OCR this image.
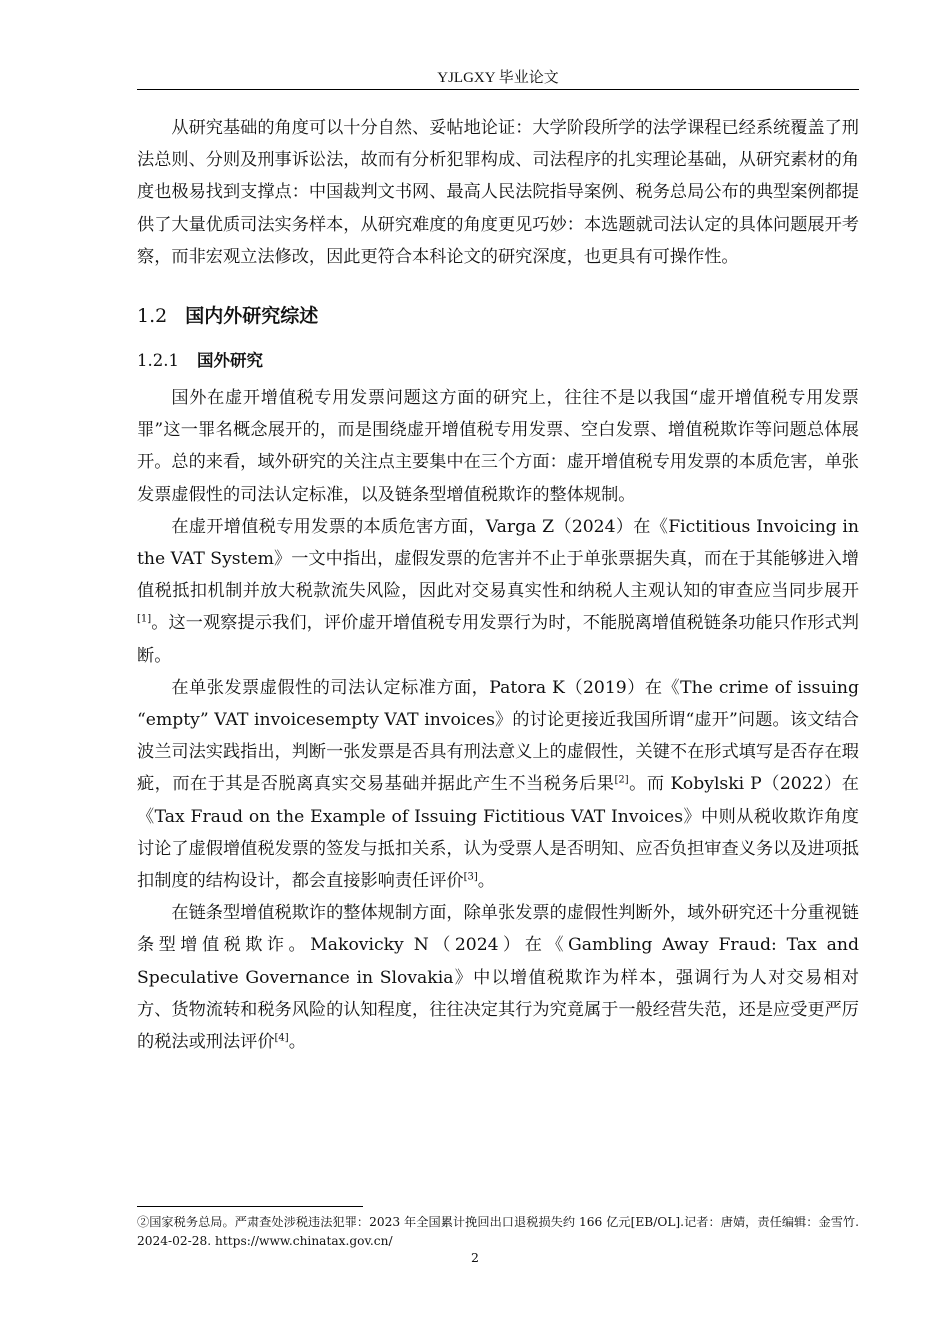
YJLGXY 毕业论文

从研究基础的角度可以十分自然、妥帖地论证：大学阶段所学的法学课程已经系统覆盖了刑法总则、分则及刑事诉讼法，故而有分析犯罪构成、司法程序的扎实理论基础，从研究素材的角度也极易找到支撑点：中国裁判文书网、最高人民法院指导案例、税务总局公布的典型案例都提供了大量优质司法实务样本，从研究难度的角度更见巧妙：本选题就司法认定的具体问题展开考察，而非宏观立法修改，因此更符合本科论文的研究深度，也更具有可操作性。

1.2 国内外研究综述
1.2.1 国外研究

国外在虚开增值税专用发票问题这方面的研究上，往往不是以我国“虚开增值税专用发票罪”这一罪名概念展开的，而是围绕虚开增值税专用发票、空白发票、增值税欺诈等问题总体展开。总的来看，域外研究的关注点主要集中在三个方面：虚开增值税专用发票的本质危害，单张发票虚假性的司法认定标准，以及链条型增值税欺诈的整体规制。

在虚开增值税专用发票的本质危害方面，Varga Z（2024）在《Fictitious Invoicing in the VAT System》一文中指出，虚假发票的危害并不止于单张票据失真，而在于其能够进入增值税抵扣机制并放大税款流失风险，因此对交易真实性和纳税人主观认知的审查应当同步展开[1]。这一观察提示我们，评价虚开增值税专用发票行为时，不能脱离增值税链条功能只作形式判断。

在单张发票虚假性的司法认定标准方面，Patora K（2019）在《The crime of issuing “empty” VAT invoicesempty VAT invoices》的讨论更接近我国所谓“虚开”问题。该文结合波兰司法实践指出，判断一张发票是否具有刑法意义上的虚假性，关键不在形式填写是否存在瑕疵，而在于其是否脱离真实交易基础并据此产生不当税务后果[2]。而 Kobylski P（2022）在《Tax Fraud on the Example of Issuing Fictitious VAT Invoices》中则从税收欺诈角度讨论了虚假增值税发票的签发与抵扣关系，认为受票人是否明知、应否负担审查义务以及进项抵扣制度的结构设计，都会直接影响责任评价[3]。

在链条型增值税欺诈的整体规制方面，除单张发票的虚假性判断外，域外研究还十分重视链条型增值税欺诈。Makovicky N（2024）在《Gambling Away Fraud: Tax and Speculative Governance in Slovakia》中以增值税欺诈为样本，强调行为人对交易相对方、货物流转和税务风险的认知程度，往往决定其行为究竟属于一般经营失范，还是应受更严厉的税法或刑法评价[4]。

②国家税务总局。严肃查处涉税违法犯罪：2023 年全国累计挽回出口退税损失约 166 亿元[EB/OL].记者：唐婧，责任编辑：金雪竹. 2024-02-28. https://www.chinatax.gov.cn/
2
